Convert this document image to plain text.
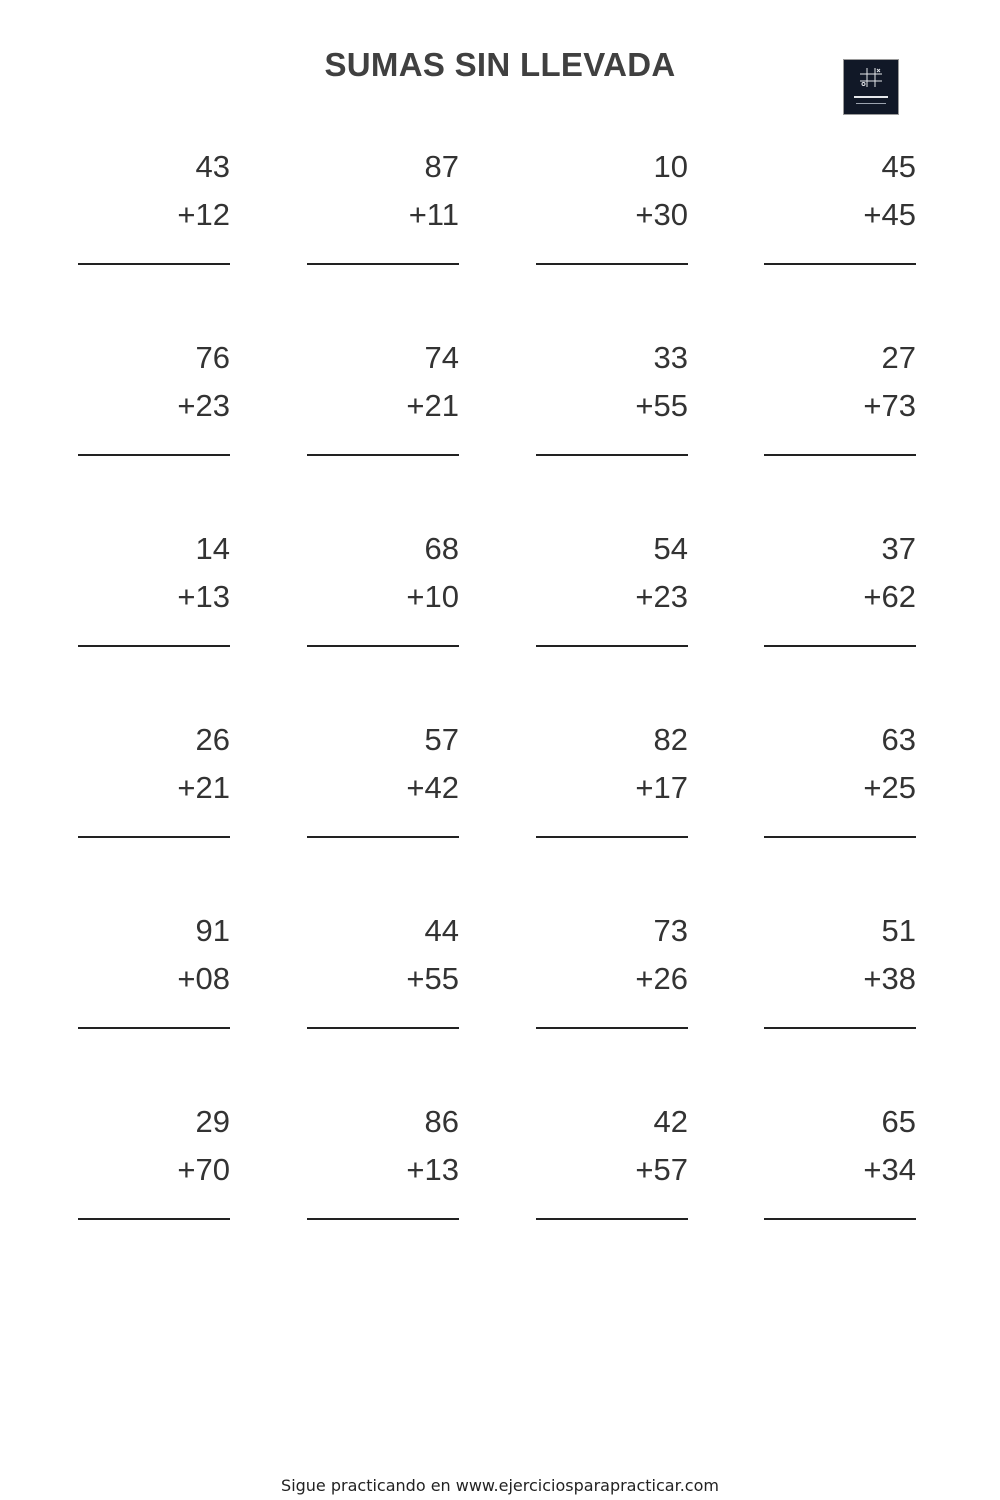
SUMAS SIN LLEVADA
43
+12
87
+11
10
+30
45
+45
76
+23
74
+21
33
+55
27
+73
14
+13
68
+10
54
+23
37
+62
26
+21
57
+42
82
+17
63
+25
91
+08
44
+55
73
+26
51
+38
29
+70
86
+13
42
+57
65
+34
Sigue practicando en www.ejerciciosparapracticar.com
